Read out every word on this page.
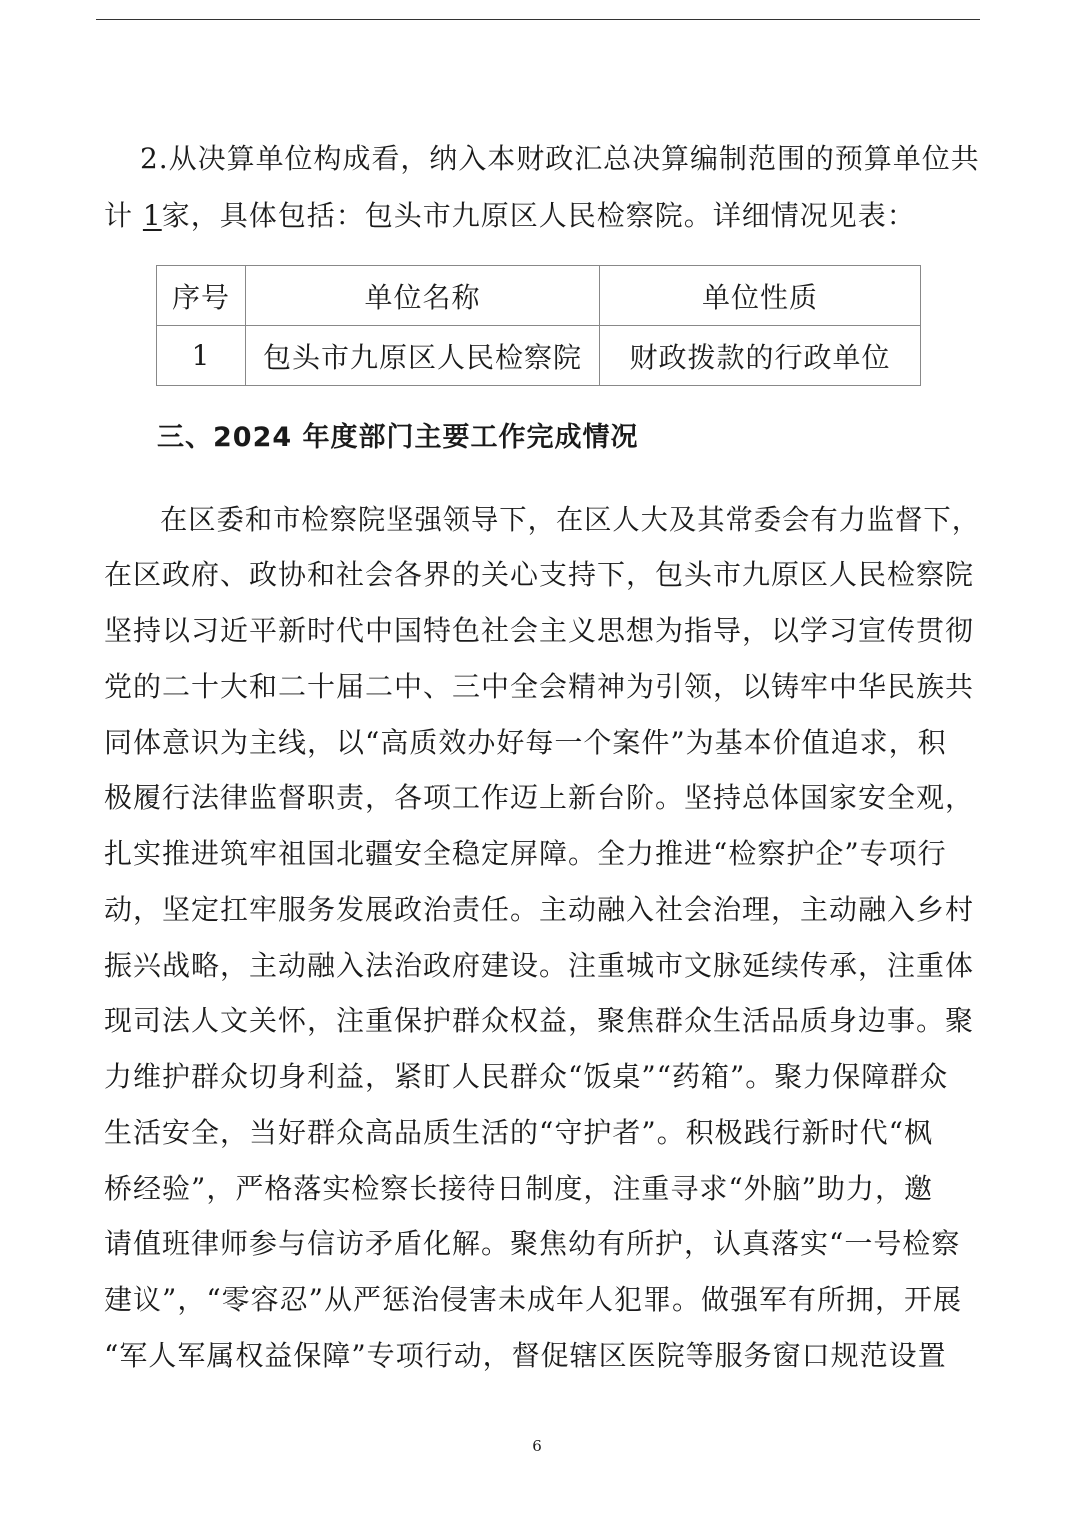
2.从决算单位构成看，纳入本财政汇总决算编制范围的预算单位共
计 1家，具体包括：包头市九原区人民检察院。详细情况见表：
序号	单位名称	单位性质
1	包头市九原区人民检察院	财政拨款的行政单位
三、2024 年度部门主要工作完成情况
在区委和市检察院坚强领导下，在区人大及其常委会有力监督下，
在区政府、政协和社会各界的关心支持下，包头市九原区人民检察院
坚持以习近平新时代中国特色社会主义思想为指导，以学习宣传贯彻
党的二十大和二十届二中、三中全会精神为引领，以铸牢中华民族共
同体意识为主线，以“高质效办好每一个案件”为基本价值追求，积
极履行法律监督职责，各项工作迈上新台阶。坚持总体国家安全观，
扎实推进筑牢祖国北疆安全稳定屏障。全力推进“检察护企”专项行
动，坚定扛牢服务发展政治责任。主动融入社会治理，主动融入乡村
振兴战略，主动融入法治政府建设。注重城市文脉延续传承，注重体
现司法人文关怀，注重保护群众权益，聚焦群众生活品质身边事。聚
力维护群众切身利益，紧盯人民群众“饭桌”“药箱”。聚力保障群众
生活安全，当好群众高品质生活的“守护者”。积极践行新时代“枫
桥经验”，严格落实检察长接待日制度，注重寻求“外脑”助力，邀
请值班律师参与信访矛盾化解。聚焦幼有所护，认真落实“一号检察
建议”，“零容忍”从严惩治侵害未成年人犯罪。做强军有所拥，开展
“军人军属权益保障”专项行动，督促辖区医院等服务窗口规范设置
6
